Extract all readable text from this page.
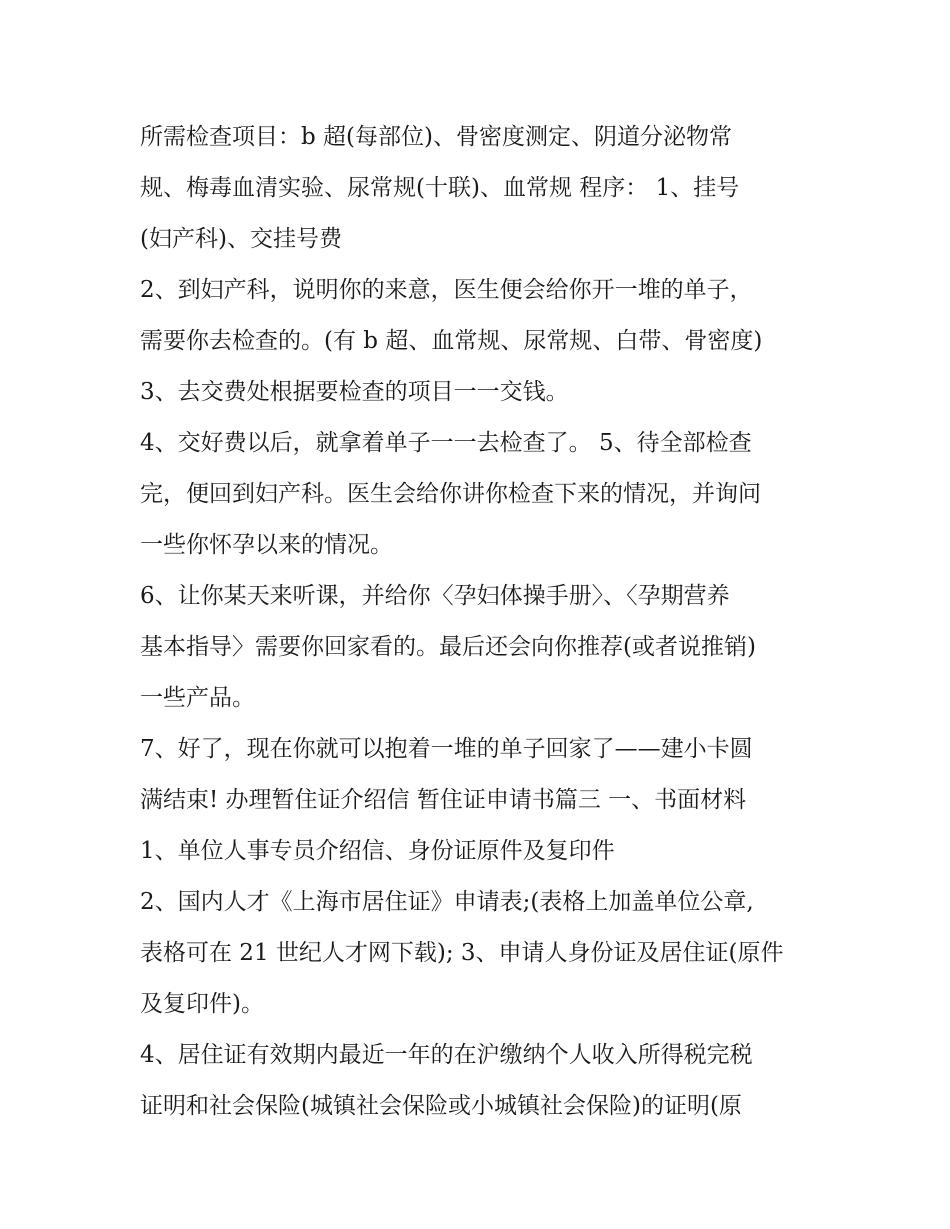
所需检查项目：b 超(每部位)、骨密度测定、阴道分泌物常
规、梅毒血清实验、尿常规(十联)、血常规 程序： 1、挂号
(妇产科)、交挂号费
2、到妇产科，说明你的来意，医生便会给你开一堆的单子，
需要你去检查的。(有 b 超、血常规、尿常规、白带、骨密度)
3、去交费处根据要检查的项目一一交钱。
4、交好费以后，就拿着单子一一去检查了。 5、待全部检查
完，便回到妇产科。医生会给你讲你检查下来的情况，并询问
一些你怀孕以来的情况。
6、让你某天来听课，并给你〈孕妇体操手册〉、〈孕期营养
基本指导〉需要你回家看的。最后还会向你推荐(或者说推销)
一些产品。
7、好了，现在你就可以抱着一堆的单子回家了——建小卡圆
满结束! 办理暂住证介绍信 暂住证申请书篇三 一、书面材料
1、单位人事专员介绍信、身份证原件及复印件
2、国内人才《上海市居住证》申请表;(表格上加盖单位公章,
表格可在 21 世纪人才网下载); 3、申请人身份证及居住证(原件
及复印件)。
4、居住证有效期内最近一年的在沪缴纳个人收入所得税完税
证明和社会保险(城镇社会保险或小城镇社会保险)的证明(原
